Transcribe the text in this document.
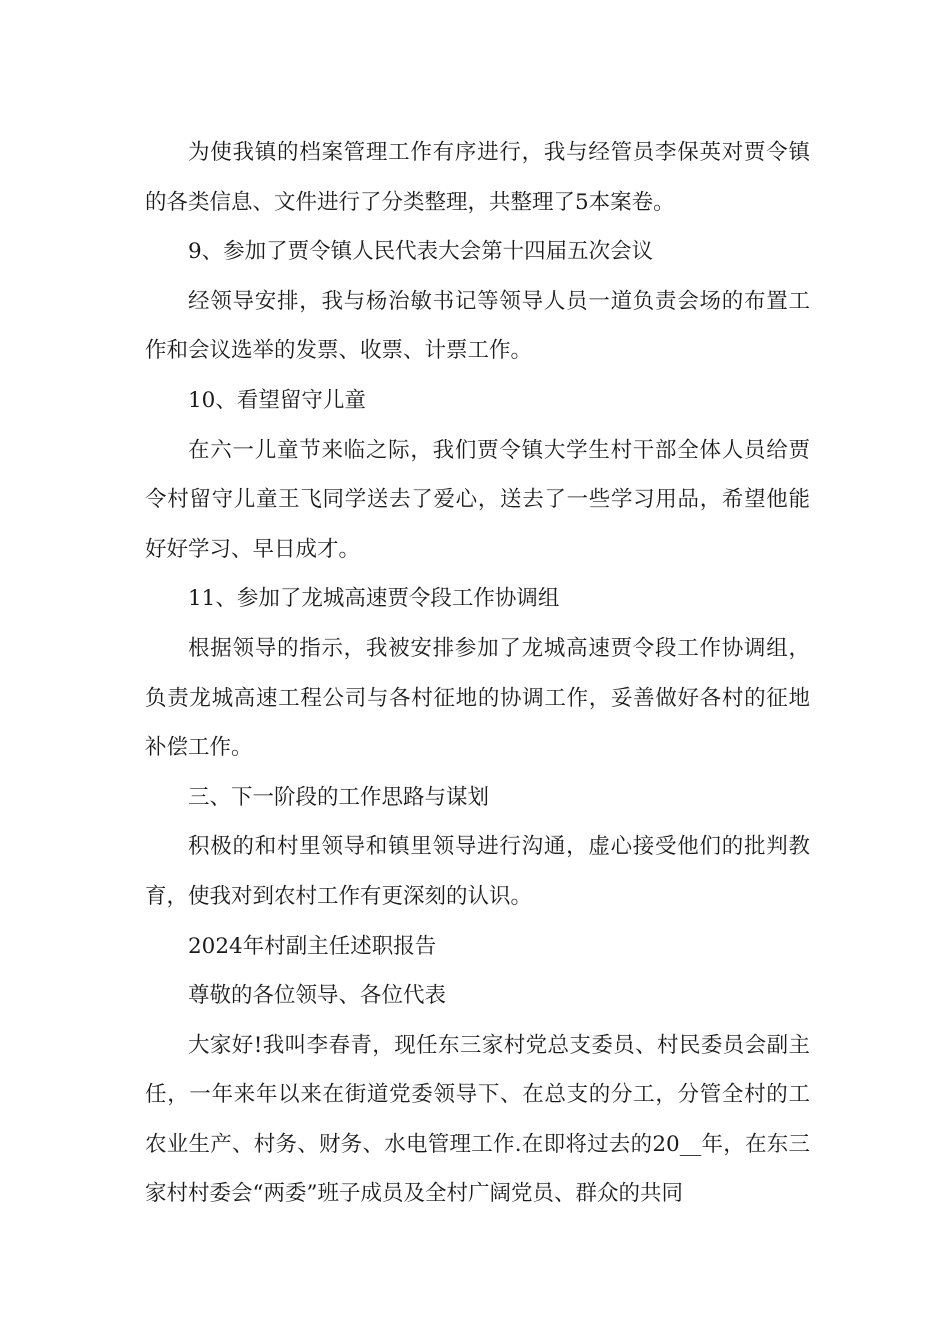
为使我镇的档案管理工作有序进行，我与经管员李保英对贾令镇的各类信息、文件进行了分类整理，共整理了5本案卷。

9、参加了贾令镇人民代表大会第十四届五次会议

经领导安排，我与杨治敏书记等领导人员一道负责会场的布置工作和会议选举的发票、收票、计票工作。

10、看望留守儿童

在六一儿童节来临之际，我们贾令镇大学生村干部全体人员给贾令村留守儿童王飞同学送去了爱心，送去了一些学习用品，希望他能好好学习、早日成才。

11、参加了龙城高速贾令段工作协调组

根据领导的指示，我被安排参加了龙城高速贾令段工作协调组，负责龙城高速工程公司与各村征地的协调工作，妥善做好各村的征地补偿工作。

三、下一阶段的工作思路与谋划

积极的和村里领导和镇里领导进行沟通，虚心接受他们的批判教育，使我对到农村工作有更深刻的认识。

2024年村副主任述职报告

尊敬的各位领导、各位代表

大家好!我叫李春青，现任东三家村党总支委员、村民委员会副主任，一年来年以来在街道党委领导下、在总支的分工，分管全村的工农业生产、村务、财务、水电管理工作.在即将过去的20__年，在东三家村村委会“两委”班子成员及全村广阔党员、群众的共同
